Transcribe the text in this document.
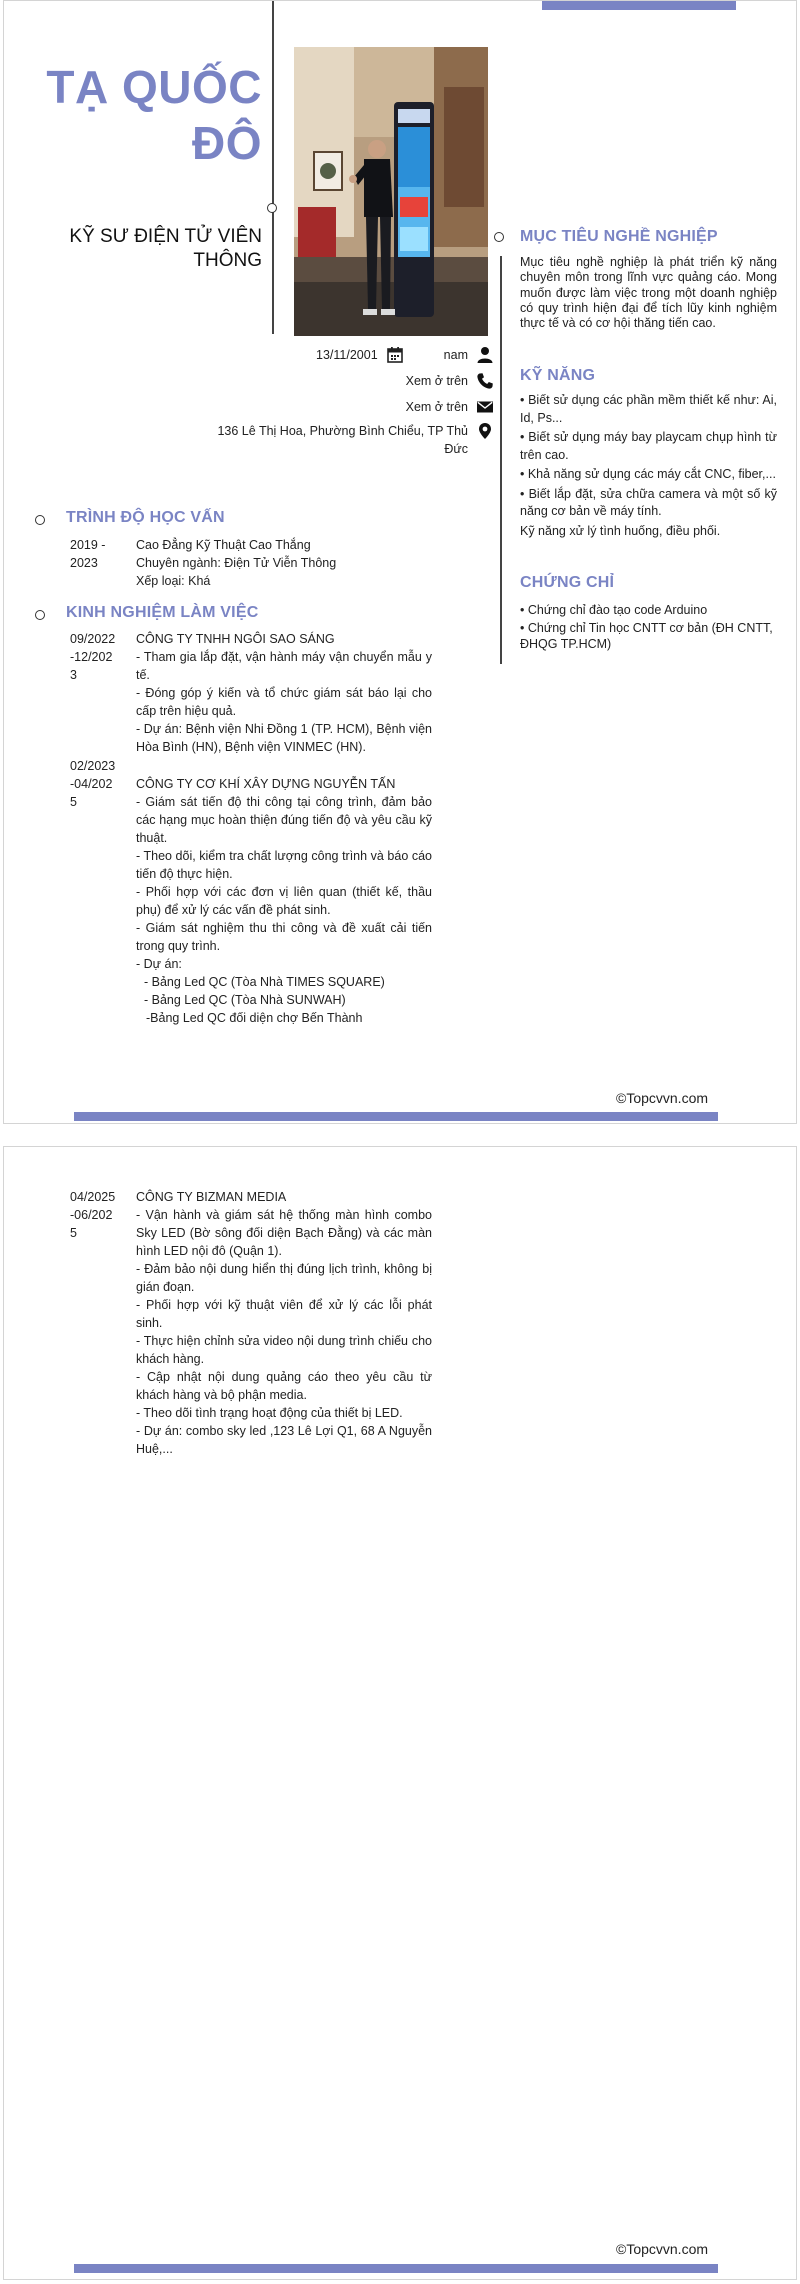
TẠ QUỐC ĐÔ
KỸ SƯ ĐIỆN TỬ VIÊN THÔNG
13/11/2001	nam
Xem ở trên
Xem ở trên
136 Lê Thị Hoa, Phường Bình Chiểu, TP Thủ Đức
MỤC TIÊU NGHỀ NGHIỆP
Mục tiêu nghề nghiệp là phát triển kỹ năng chuyên môn trong lĩnh vực quảng cáo. Mong muốn được làm việc trong một doanh nghiệp có quy trình hiện đại để tích lũy kinh nghiệm thực tế và có cơ hội thăng tiến cao.
KỸ NĂNG

• Biết sử dụng các phần mềm thiết kế như: Ai, Id, Ps...

• Biết sử dụng máy bay playcam chụp hình từ trên cao.

• Khả năng sử dụng các máy cắt CNC, fiber,...

• Biết lắp đặt, sửa chữa camera và một số kỹ năng cơ bản về máy tính.

Kỹ năng xử lý tình huống, điều phối.

CHỨNG CHỈ

• Chứng chỉ đào tạo code Arduino

• Chứng chỉ Tin học CNTT cơ bản (ĐH CNTT, ĐHQG TP.HCM)

TRÌNH ĐỘ HỌC VẤN
2019 -2023
Cao Đẳng Kỹ Thuật Cao Thắng
Chuyên ngành: Điện Tử Viễn Thông
Xếp loại: Khá
KINH NGHIỆM LÀM VIỆC
09/2022-12/2023
CÔNG TY TNHH NGÔI SAO SÁNG
- Tham gia lắp đặt, vận hành máy vận chuyển mẫu y tế.
- Đóng góp ý kiến và tổ chức giám sát báo lại cho cấp trên hiệu quả.
- Dự án: Bệnh viện Nhi Đồng 1 (TP. HCM), Bệnh viện Hòa Bình (HN), Bệnh viện VINMEC (HN).
02/2023-04/2025
CÔNG TY CƠ KHÍ XÂY DỰNG NGUYỄN TẤN
- Giám sát tiến độ thi công tại công trình, đảm bảo các hạng mục hoàn thiện đúng tiến độ và yêu cầu kỹ thuật.
- Theo dõi, kiểm tra chất lượng công trình và báo cáo tiến độ thực hiện.
- Phối hợp với các đơn vị liên quan (thiết kế, thầu phụ) để xử lý các vấn đề phát sinh.
- Giám sát nghiệm thu thi công và đề xuất cải tiến trong quy trình.
- Dự án:
- Bảng Led QC (Tòa Nhà TIMES SQUARE)
- Bảng Led QC (Tòa Nhà SUNWAH)
-Bảng Led QC đối diện chợ Bến Thành
©Topcvvn.com
04/2025-06/2025
CÔNG TY BIZMAN MEDIA
- Vận hành và giám sát hệ thống màn hình combo Sky LED (Bờ sông đối diện Bạch Đằng) và các màn hình LED nội đô (Quận 1).
- Đảm bảo nội dung hiển thị đúng lịch trình, không bị gián đoạn.
- Phối hợp với kỹ thuật viên để xử lý các lỗi phát sinh.
- Thực hiện chỉnh sửa video nội dung trình chiếu cho khách hàng.
- Cập nhật nội dung quảng cáo theo yêu cầu từ khách hàng và bộ phận media.
- Theo dõi tình trạng hoạt động của thiết bị LED.
- Dự án: combo sky led ,123 Lê Lợi Q1, 68 A Nguyễn Huệ,...
©Topcvvn.com
